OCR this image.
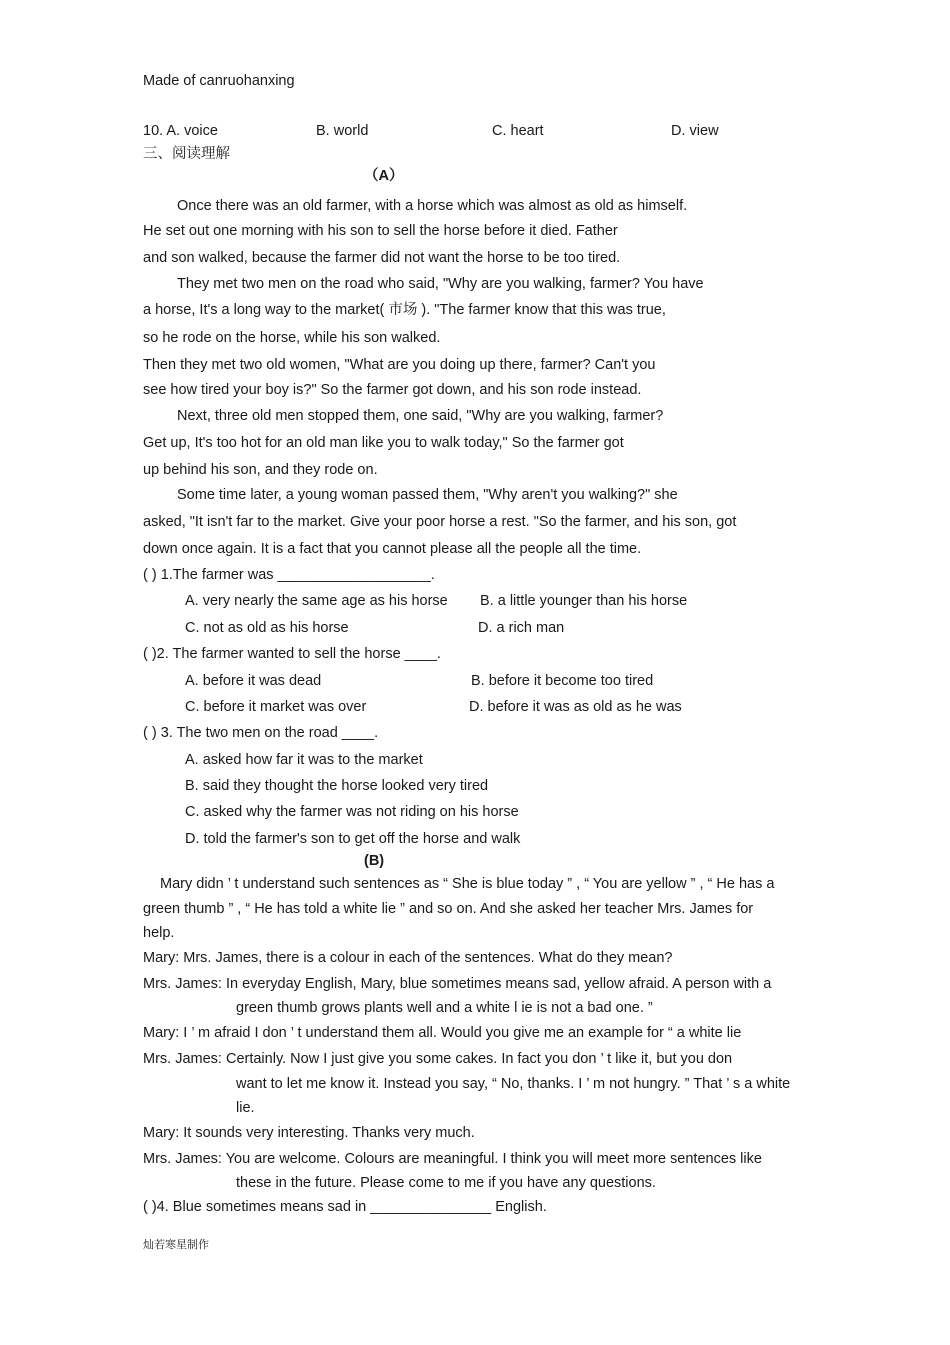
Made of canruohanxing
10. A. voice	B. world	C. heart	D. view
三、阅读理解
（A）
Once there was an old farmer, with a horse which was almost as old as himself.
He set out one morning with his son to sell the horse before it died. Father
and son walked, because the farmer did not want the horse to be too tired.
They met two men on the road who said, "Why are you walking, farmer? You have
a horse, It's a long way to the market( 市场 ). "The farmer know that this was true,
so he rode on the horse, while his son walked.
Then they met two old women, "What are you doing up there, farmer? Can't you
see how tired your boy is?" So the farmer got down, and his son rode instead.
Next, three old men stopped them, one said, "Why are you walking, farmer?
Get up, It's too hot for an old man like you to walk today," So the farmer got
up behind his son, and they rode on.
Some time later, a young woman passed them, "Why aren't you walking?" she
asked, "It isn't far to the market. Give your poor horse a rest. "So the farmer, and his son, got
down once again. It is a fact that you cannot please all the people all the time.
( ) 1.The farmer was ___________________.
A. very nearly the same age as his horse B. a little younger than his horse
C. not as old as his horse	D. a rich man
( )2. The farmer wanted to sell the horse ____.
A. before it was dead	B. before it become too tired
C. before it market was over	D. before it was as old as he was
( ) 3. The two men on the road ____.
A. asked how far it was to the market
B. said they thought the horse looked very tired
C. asked why the farmer was not riding on his horse
D. told the farmer's son to get off the horse and walk
(B)
Mary didn ’ t understand such sentences as “ She is blue today ” , “ You are yellow ” , “ He has a
green thumb ” , “ He has told a white lie ” and so on. And she asked her teacher Mrs. James for
help.
Mary: Mrs. James, there is a colour in each of the sentences. What do they mean?
Mrs. James: In everyday English, Mary, blue sometimes means sad, yellow afraid. A person with a
green thumb grows plants well and a white l ie is not a bad one. ”
Mary: I ’ m afraid I don ’ t understand them all. Would you give me an example for “ a white lie
Mrs. James: Certainly. Now I just give you some cakes. In fact you don ’ t like it, but you don
want to let me know it. Instead you say, “ No, thanks. I ’ m not hungry. ” That ’ s a white
lie.
Mary: It sounds very interesting. Thanks very much.
Mrs. James: You are welcome. Colours are meaningful. I think you will meet more sentences like
these in the future. Please come to me if you have any questions.
( )4. Blue sometimes means sad in _______________ English.
灿若寒星制作
